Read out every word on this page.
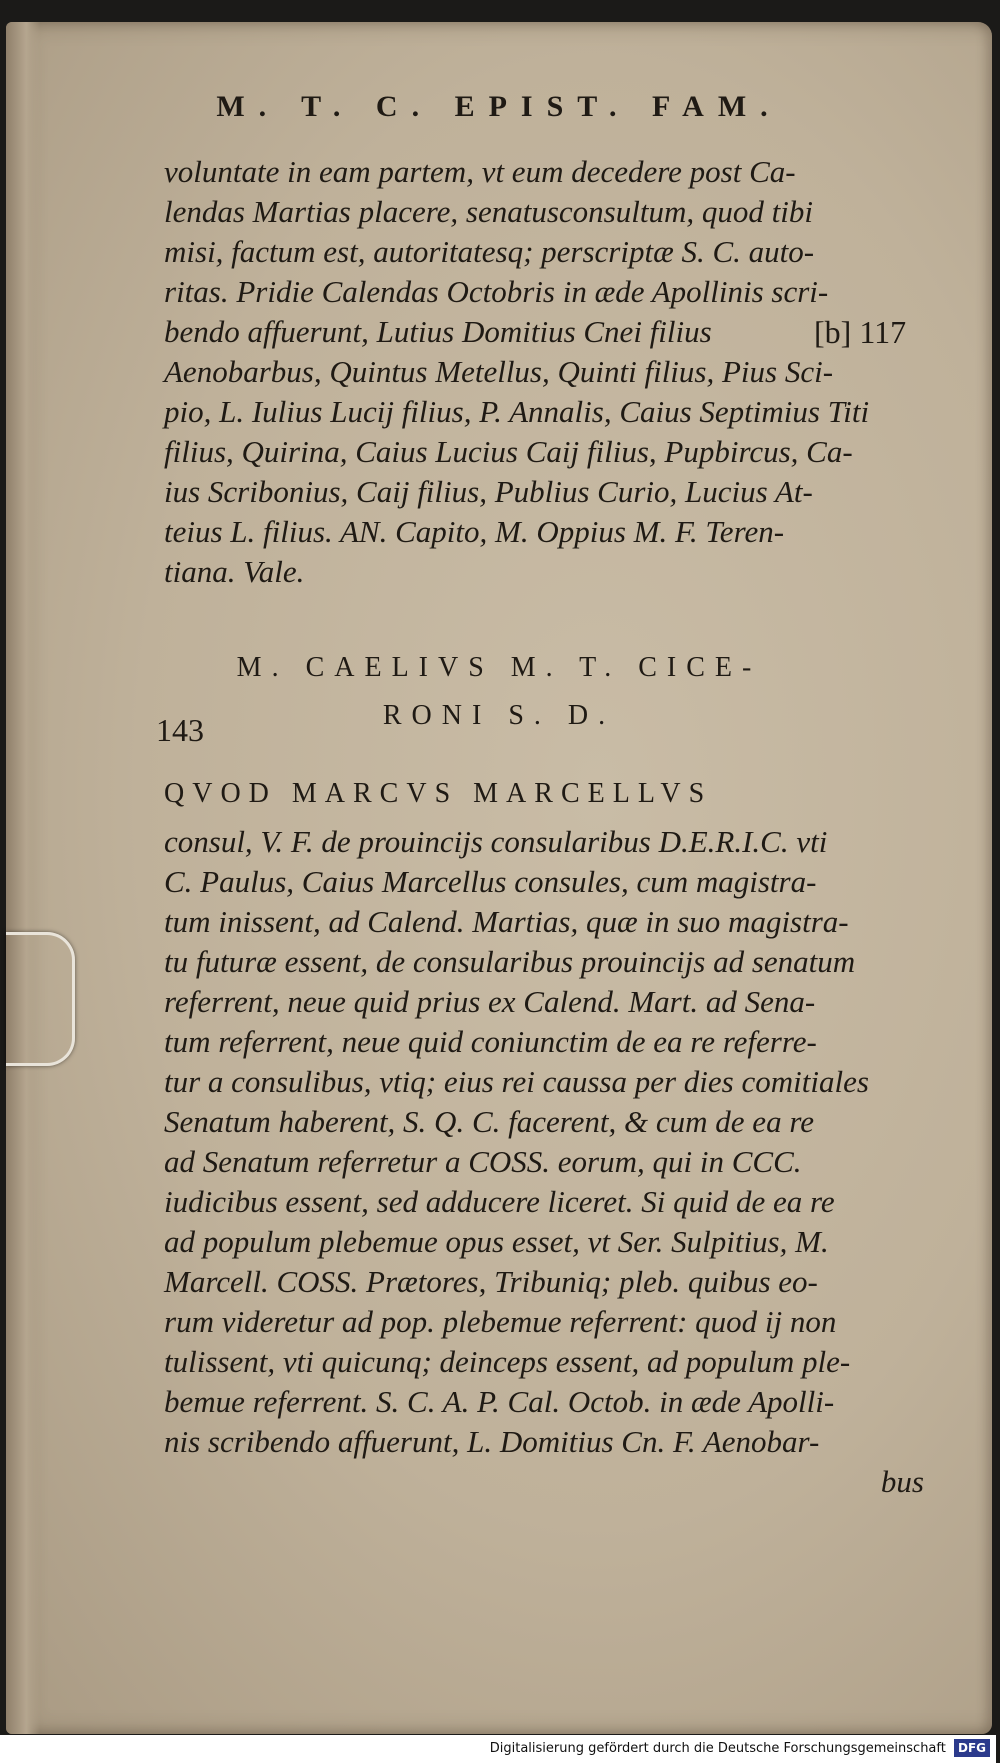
M. T. C. EPIST. FAM.
voluntate in eam partem, vt eum decedere post Ca-
lendas Martias placere, senatusconsultum, quod tibi
misi, factum est, autoritatesq; perscriptæ S. C. auto-
ritas. Pridie Calendas Octobris in æde Apollinis scri-
bendo affuerunt, Lutius Domitius Cnei filius	[b] 117
Aenobarbus, Quintus Metellus, Quinti filius, Pius Sci-
pio, L. Iulius Lucij filius, P. Annalis, Caius Septimius Titi
filius, Quirina, Caius Lucius Caij filius, Pupbircus, Ca-
ius Scribonius, Caij filius, Publius Curio, Lucius At-
teius L. filius. AN. Capito, M. Oppius M. F. Teren-
tiana. Vale.
M. CAELIVS M. T. CICE-
143	RONI S. D.
QVOD MARCVS MARCELLVS
consul, V. F. de prouincijs consularibus D.E.R.I.C. vti
C. Paulus, Caius Marcellus consules, cum magistra-
tum inissent, ad Calend. Martias, quæ in suo magistra-
tu futuræ essent, de consularibus prouincijs ad senatum
referrent, neue quid prius ex Calend. Mart. ad Sena-
tum referrent, neue quid coniunctim de ea re referre-
tur a consulibus, vtiq; eius rei caussa per dies comitiales
Senatum haberent, S. Q. C. facerent, & cum de ea re
ad Senatum referretur a COSS. eorum, qui in CCC.
iudicibus essent, sed adducere liceret. Si quid de ea re
ad populum plebemue opus esset, vt Ser. Sulpitius, M.
Marcell. COSS. Prætores, Tribuniq; pleb. quibus eo-
rum videretur ad pop. plebemue referrent: quod ij non
tulissent, vti quicunq; deinceps essent, ad populum ple-
bemue referrent. S. C. A. P. Cal. Octob. in æde Apolli-
nis scribendo affuerunt, L. Domitius Cn. F. Aenobar-
bus
Digitalisierung gefördert durch die Deutsche Forschungsgemeinschaft DFG
